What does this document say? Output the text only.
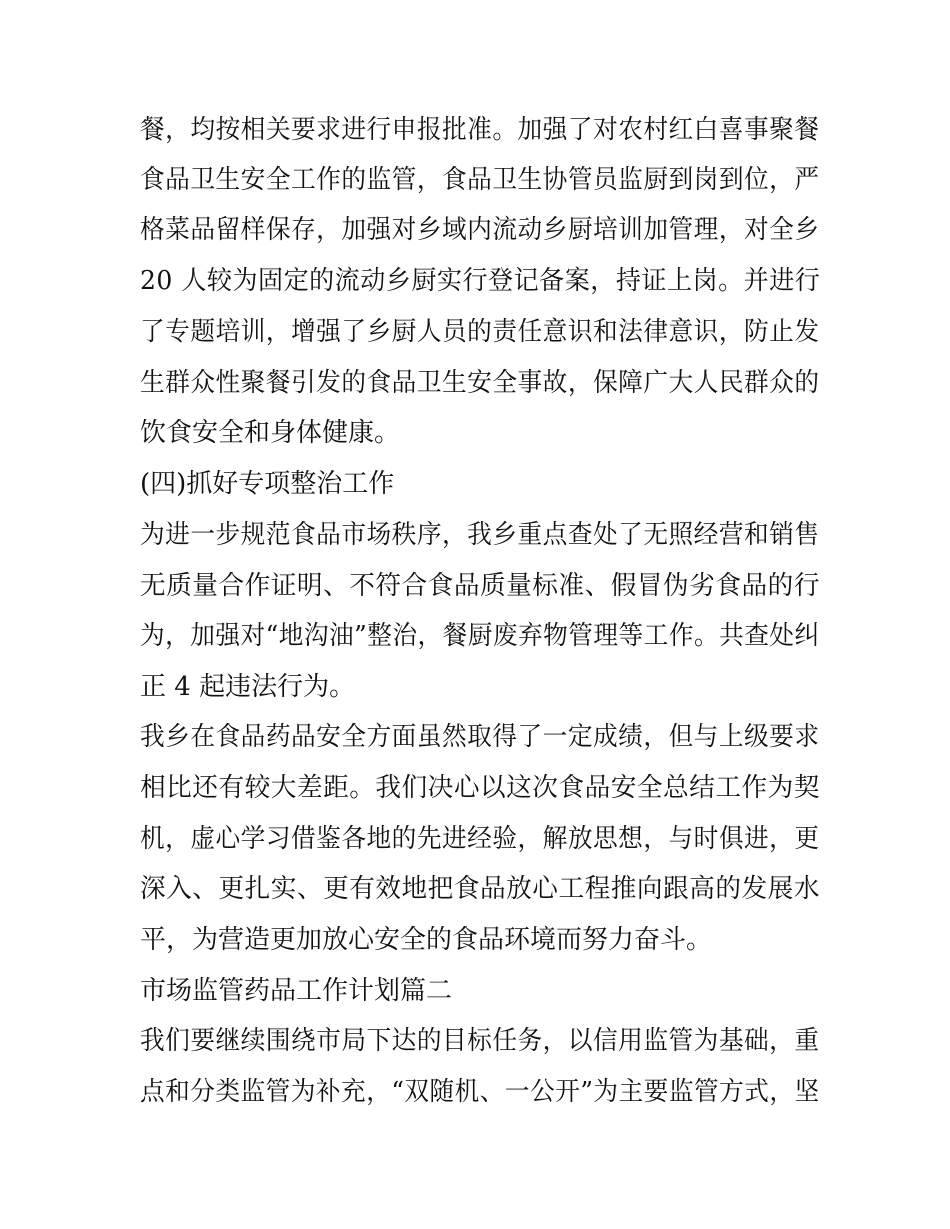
餐，均按相关要求进行申报批准。加强了对农村红白喜事聚餐

食品卫生安全工作的监管，食品卫生协管员监厨到岗到位，严

格菜品留样保存，加强对乡域内流动乡厨培训加管理，对全乡

20 人较为固定的流动乡厨实行登记备案，持证上岗。并进行

了专题培训，增强了乡厨人员的责任意识和法律意识，防止发

生群众性聚餐引发的食品卫生安全事故，保障广大人民群众的

饮食安全和身体健康。

(四)抓好专项整治工作

为进一步规范食品市场秩序，我乡重点查处了无照经营和销售

无质量合作证明、不符合食品质量标准、假冒伪劣食品的行

为，加强对“地沟油”整治，餐厨废弃物管理等工作。共查处纠

正 4 起违法行为。

我乡在食品药品安全方面虽然取得了一定成绩，但与上级要求

相比还有较大差距。我们决心以这次食品安全总结工作为契

机，虚心学习借鉴各地的先进经验，解放思想，与时俱进，更

深入、更扎实、更有效地把食品放心工程推向跟高的发展水

平，为营造更加放心安全的食品环境而努力奋斗。

市场监管药品工作计划篇二

我们要继续围绕市局下达的目标任务，以信用监管为基础，重

点和分类监管为补充，“双随机、一公开”为主要监管方式，坚
